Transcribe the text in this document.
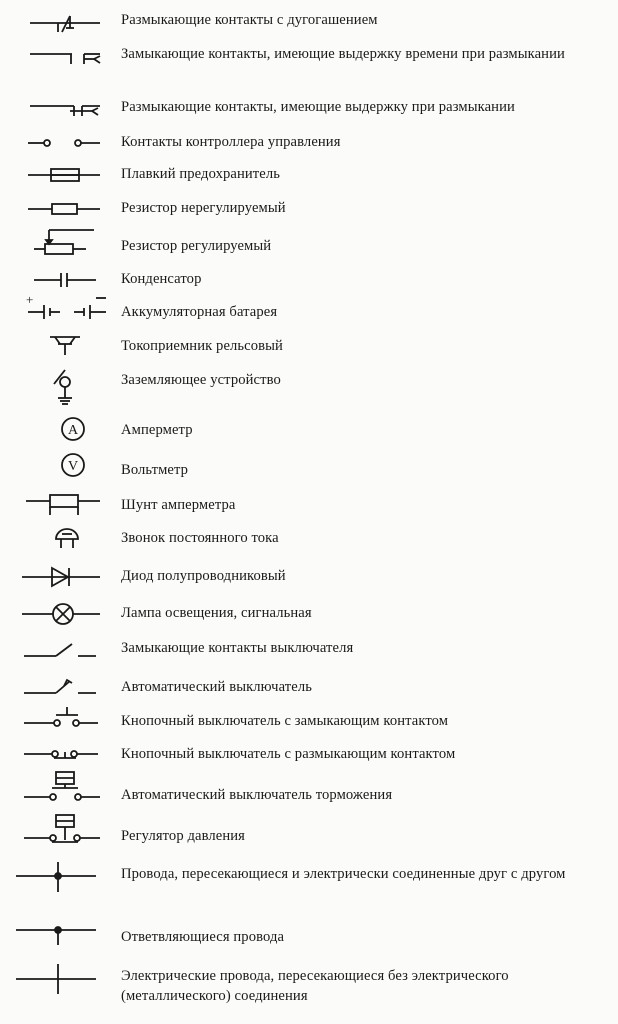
Размыкающие контакты с дугогашением
Замыкающие контакты, имеющие выдержку времени при размыкании
Размыкающие контакты, имеющие выдержку при размыкании
Контакты контроллера управления
Плавкий предохранитель
Резистор нерегулируемый
Резистор регулируемый
Конденсатор
+
Аккумуляторная батарея
Токоприемник рельсовый
Заземляющее устройство
A	Амперметр
V	Вольтметр
Шунт амперметра
Звонок постоянного тока
Диод полупроводниковый
Лампа освещения, сигнальная
Замыкающие контакты выключателя
Автоматический выключатель
Кнопочный выключатель с замыкающим контактом
Кнопочный выключатель с размыкающим контактом
Автоматический выключатель торможения
Регулятор давления
Провода, пересекающиеся и электрически соединенные друг с другом
Ответвляющиеся провода
Электрические провода, пересекающиеся без электрического (металлического) соединения
